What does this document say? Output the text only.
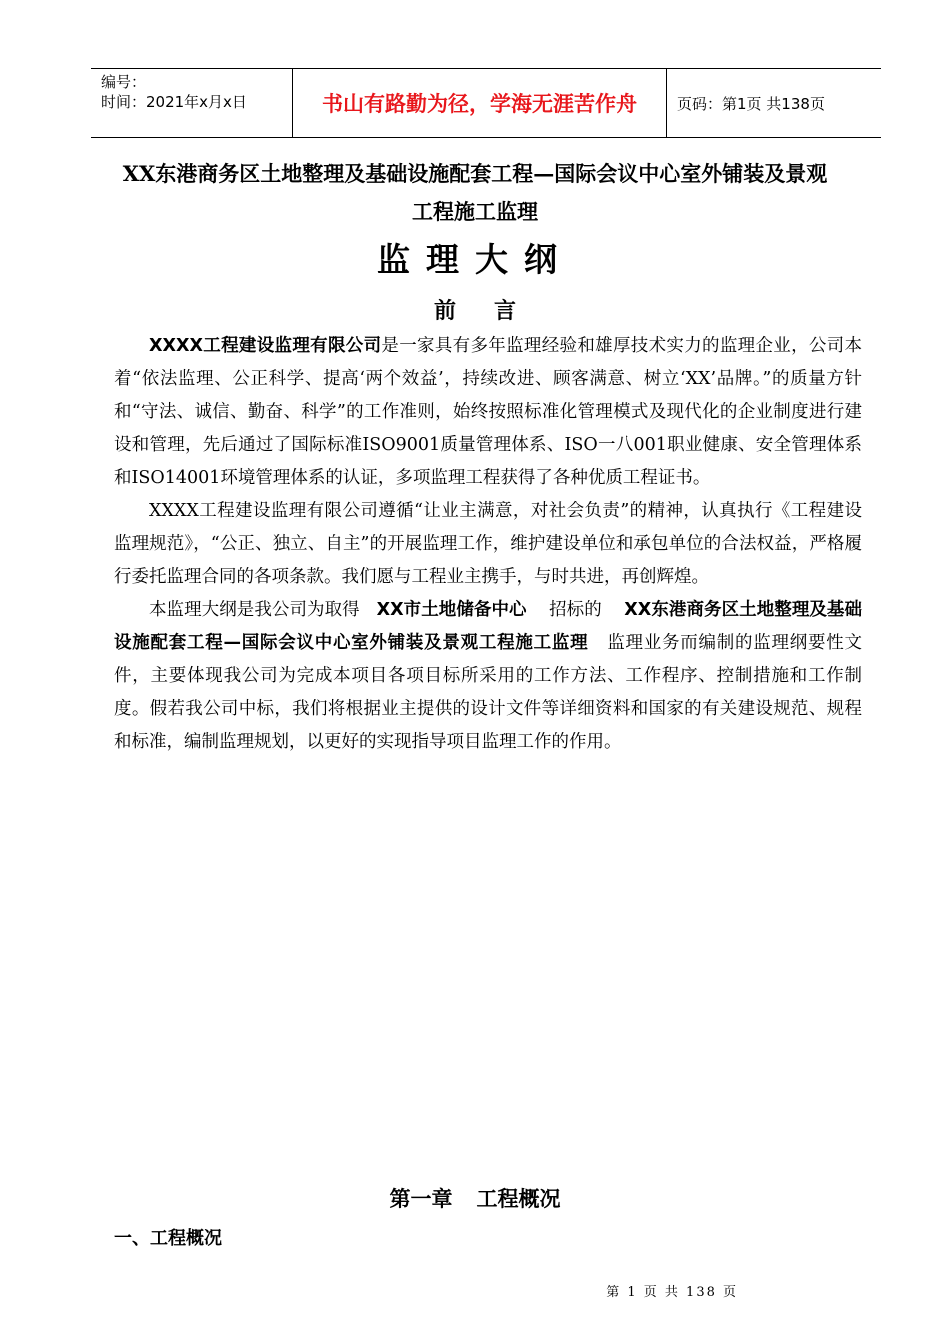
编号：
时间：2021年x月x日	书山有路勤为径，学海无涯苦作舟	页码：第1页 共138页
XX东港商务区土地整理及基础设施配套工程—国际会议中心室外铺装及景观
工程施工监理
监理大纲
前言

XXXX工程建设监理有限公司是一家具有多年监理经验和雄厚技术实力的监理企业，公司本着“依法监理、公正科学、提高‘两个效益’，持续改进、顾客满意、树立‘XX’品牌。”的质量方针和“守法、诚信、勤奋、科学”的工作准则，始终按照标准化管理模式及现代化的企业制度进行建设和管理，先后通过了国际标准ISO9001质量管理体系、ISO一八001职业健康、安全管理体系和ISO14001环境管理体系的认证，多项监理工程获得了各种优质工程证书。

XXXX工程建设监理有限公司遵循“让业主满意，对社会负责”的精神，认真执行《工程建设监理规范》，“公正、独立、自主”的开展监理工作，维护建设单位和承包单位的合法权益，严格履行委托监理合同的各项条款。我们愿与工程业主携手，与时共进，再创辉煌。

本监理大纲是我公司为取得 XX市土地储备中心 招标的 XX东港商务区土地整理及基础设施配套工程—国际会议中心室外铺装及景观工程施工监理 监理业务而编制的监理纲要性文件，主要体现我公司为完成本项目各项目标所采用的工作方法、工作程序、控制措施和工作制度。假若我公司中标，我们将根据业主提供的设计文件等详细资料和国家的有关建设规范、规程和标准，编制监理规划，以更好的实现指导项目监理工作的作用。

第一章 工程概况
一、工程概况
第 1 页 共 138 页
